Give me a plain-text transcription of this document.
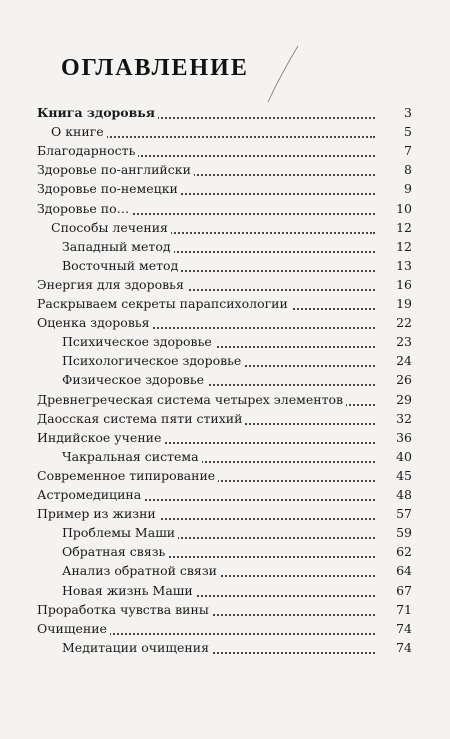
ОГЛАВЛЕНИЕ
Книга здоровья	3
О книге	5
Благодарность	7
Здоровье по-английски	8
Здоровье по-немецки	9
Здоровье по…	10
Способы лечения	12
Западный метод	12
Восточный метод	13
Энергия для здоровья	16
Раскрываем секреты парапсихологии	19
Оценка здоровья	22
Психическое здоровье	23
Психологическое здоровье	24
Физическое здоровье	26
Древнегреческая система четырех элементов	29
Даосская система пяти стихий	32
Индийское учение	36
Чакральная система	40
Современное типирование	45
Астромедицина	48
Пример из жизни	57
Проблемы Маши	59
Обратная связь	62
Анализ обратной связи	64
Новая жизнь Маши	67
Проработка чувства вины	71
Очищение	74
Медитации очищения	74
